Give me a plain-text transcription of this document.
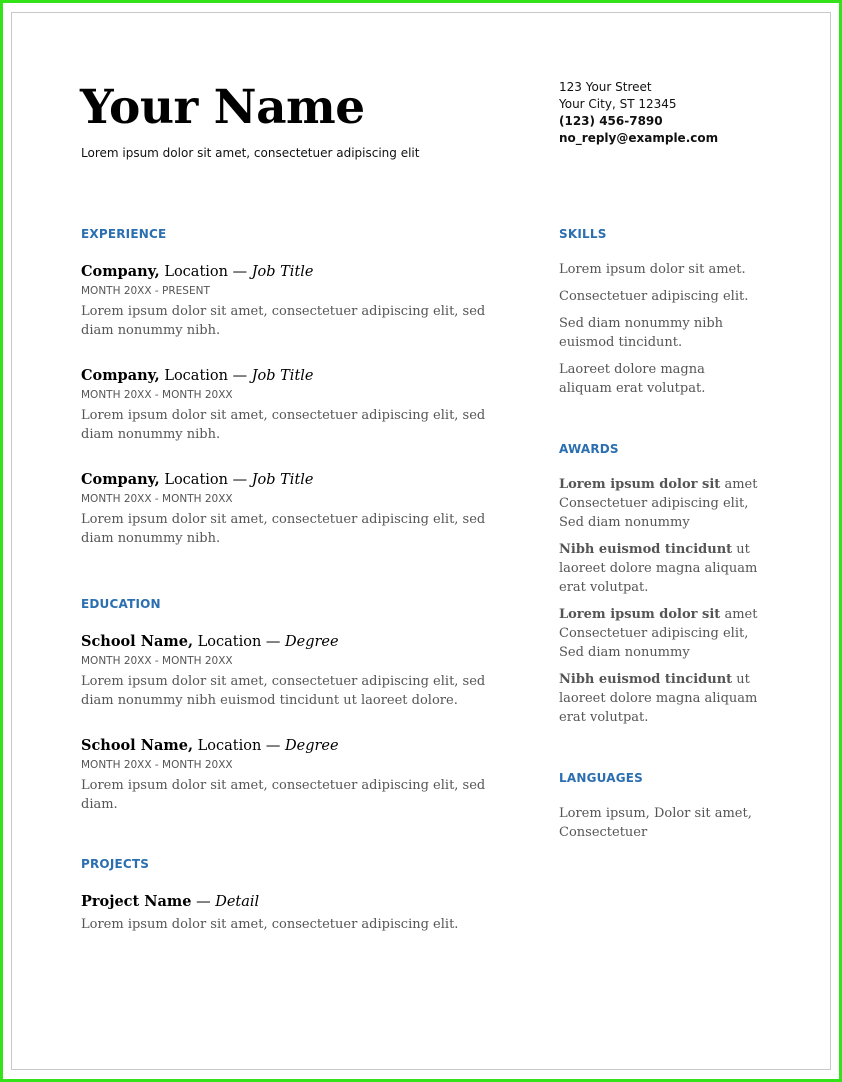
Your Name
Lorem ipsum dolor sit amet, consectetuer adipiscing elit
123 Your Street
Your City, ST 12345
(123) 456-7890
no_reply@example.com
EXPERIENCE
Company, Location — Job Title
MONTH 20XX - PRESENT
Lorem ipsum dolor sit amet, consectetuer adipiscing elit, sed diam nonummy nibh.
Company, Location — Job Title
MONTH 20XX - MONTH 20XX
Lorem ipsum dolor sit amet, consectetuer adipiscing elit, sed diam nonummy nibh.
Company, Location — Job Title
MONTH 20XX - MONTH 20XX
Lorem ipsum dolor sit amet, consectetuer adipiscing elit, sed diam nonummy nibh.
EDUCATION
School Name, Location — Degree
MONTH 20XX - MONTH 20XX
Lorem ipsum dolor sit amet, consectetuer adipiscing elit, sed diam nonummy nibh euismod tincidunt ut laoreet dolore.
School Name, Location — Degree
MONTH 20XX - MONTH 20XX
Lorem ipsum dolor sit amet, consectetuer adipiscing elit, sed diam.
PROJECTS
Project Name — Detail
Lorem ipsum dolor sit amet, consectetuer adipiscing elit.
SKILLS
Lorem ipsum dolor sit amet.
Consectetuer adipiscing elit.
Sed diam nonummy nibh euismod tincidunt.
Laoreet dolore magna aliquam erat volutpat.
AWARDS
Lorem ipsum dolor sit amet Consectetuer adipiscing elit, Sed diam nonummy
Nibh euismod tincidunt ut laoreet dolore magna aliquam erat volutpat.
Lorem ipsum dolor sit amet Consectetuer adipiscing elit, Sed diam nonummy
Nibh euismod tincidunt ut laoreet dolore magna aliquam erat volutpat.
LANGUAGES
Lorem ipsum, Dolor sit amet, Consectetuer
